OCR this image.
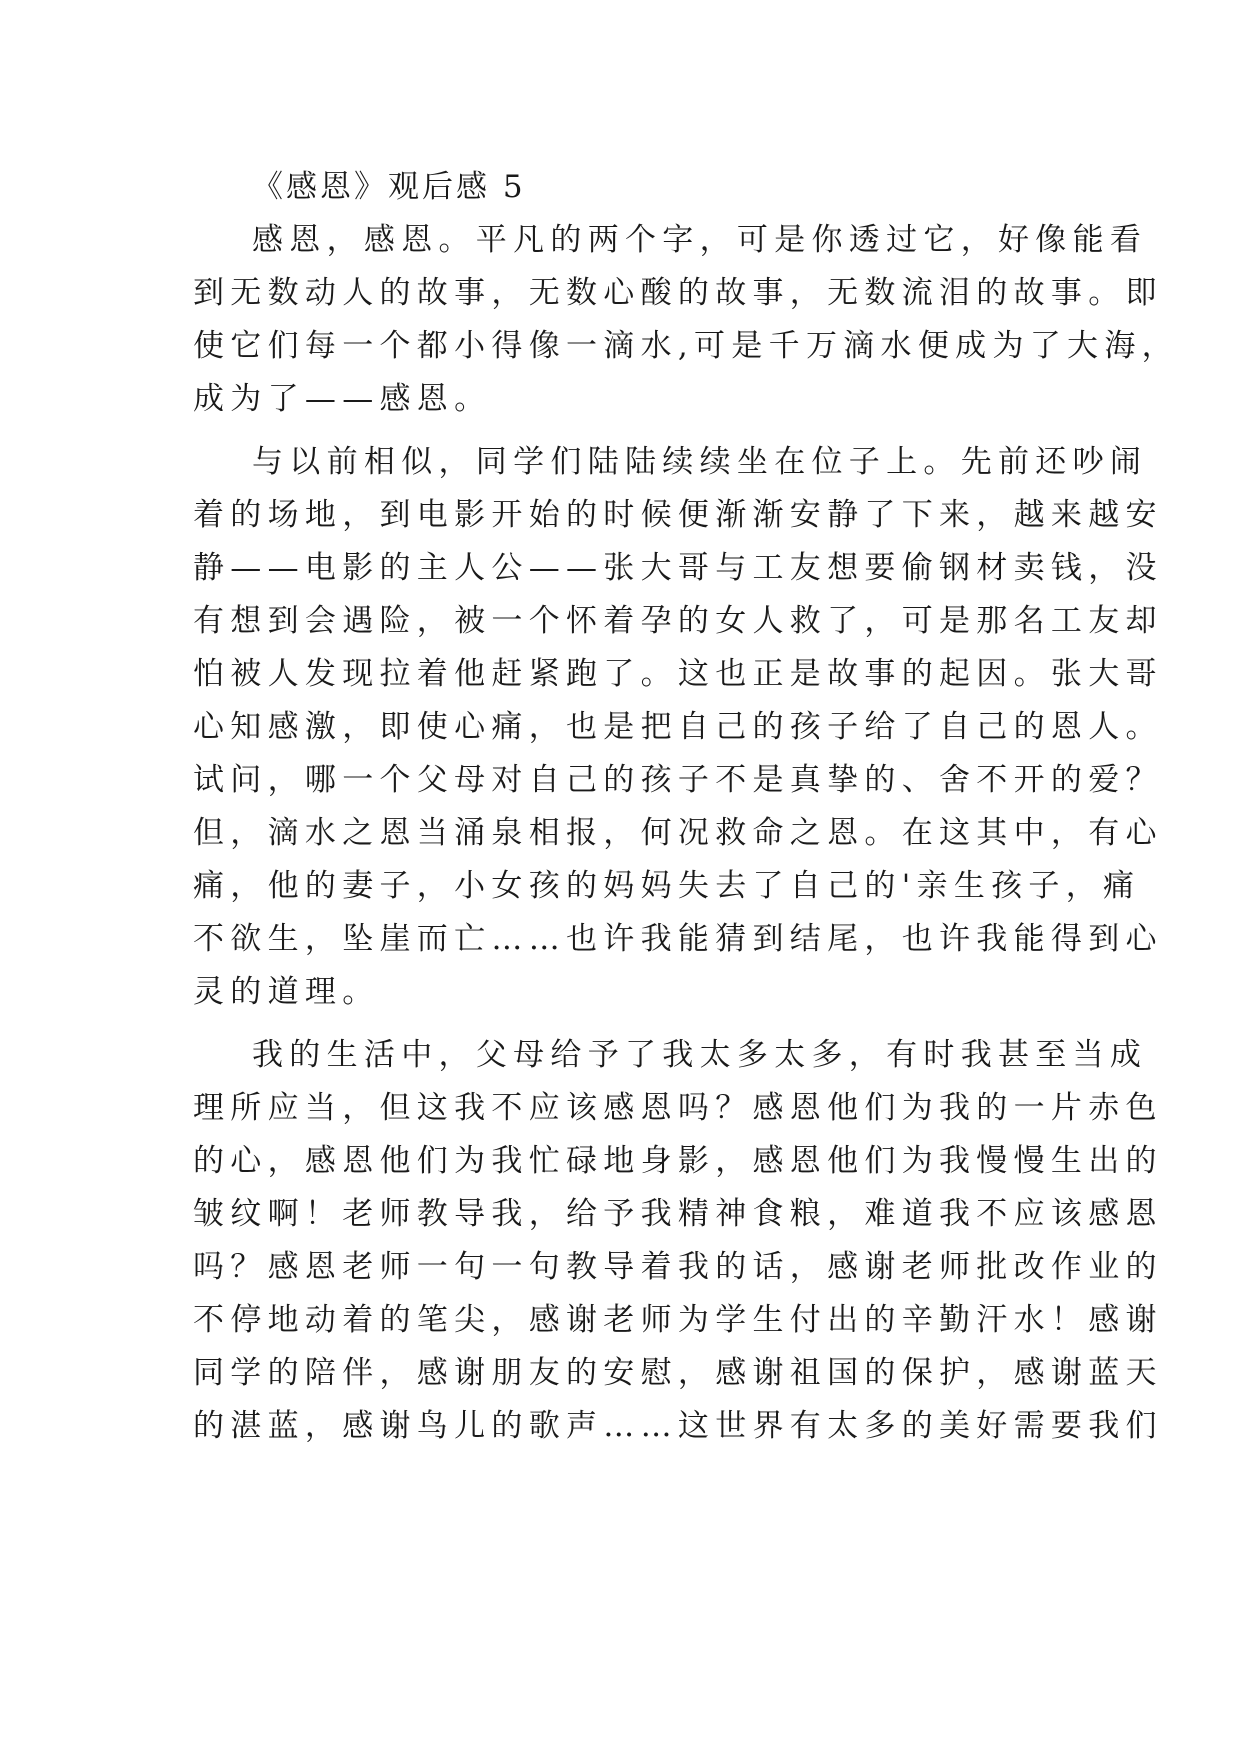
《感恩》观后感 5
感恩，感恩。平凡的两个字，可是你透过它，好像能看
到无数动人的故事，无数心酸的故事，无数流泪的故事。即
使它们每一个都小得像一滴水,可是千万滴水便成为了大海，
成为了——感恩。
与以前相似，同学们陆陆续续坐在位子上。先前还吵闹
着的场地，到电影开始的时候便渐渐安静了下来，越来越安
静——电影的主人公——张大哥与工友想要偷钢材卖钱，没
有想到会遇险，被一个怀着孕的女人救了，可是那名工友却
怕被人发现拉着他赶紧跑了。这也正是故事的起因。张大哥
心知感激，即使心痛，也是把自己的孩子给了自己的恩人。
试问，哪一个父母对自己的孩子不是真挚的、舍不开的爱？
但，滴水之恩当涌泉相报，何况救命之恩。在这其中，有心
痛，他的妻子，小女孩的妈妈失去了自己的'亲生孩子，痛
不欲生，坠崖而亡……也许我能猜到结尾，也许我能得到心
灵的道理。
我的生活中，父母给予了我太多太多，有时我甚至当成
理所应当，但这我不应该感恩吗？感恩他们为我的一片赤色
的心，感恩他们为我忙碌地身影，感恩他们为我慢慢生出的
皱纹啊！老师教导我，给予我精神食粮，难道我不应该感恩
吗？感恩老师一句一句教导着我的话，感谢老师批改作业的
不停地动着的笔尖，感谢老师为学生付出的辛勤汗水！感谢
同学的陪伴，感谢朋友的安慰，感谢祖国的保护，感谢蓝天
的湛蓝，感谢鸟儿的歌声……这世界有太多的美好需要我们
